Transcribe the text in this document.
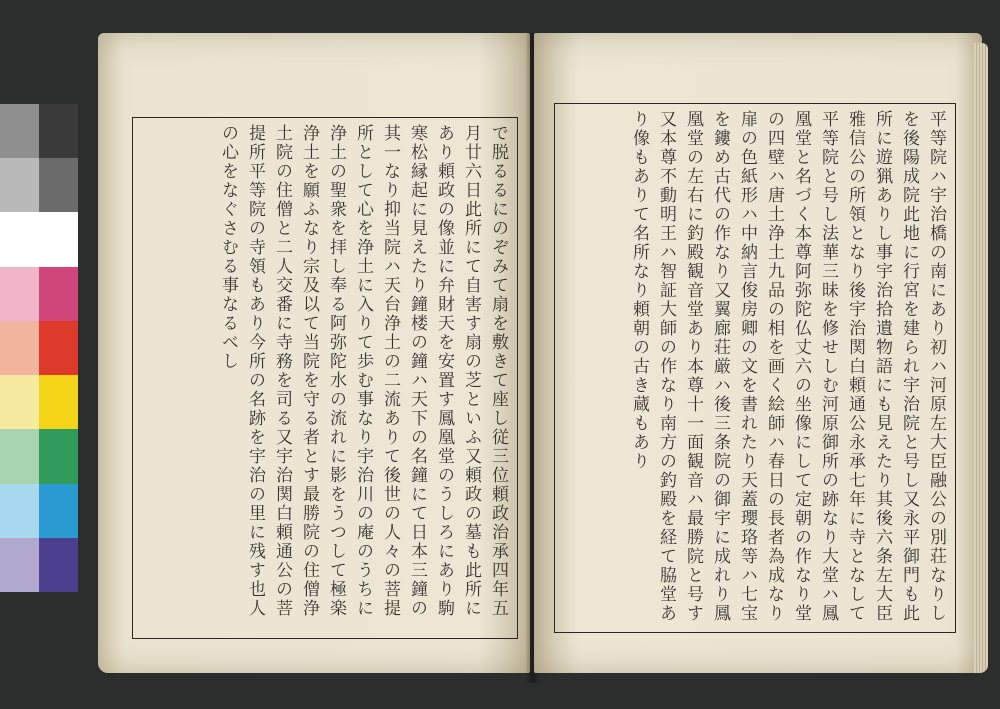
で脱るるにのぞみて扇を敷きて座し従三位頼政治承四年五月廿六日此所にて自害す扇の芝といふ又頼政の墓も此所にあり頼政の像並に弁財天を安置す鳳凰堂のうしろにあり駒寒松縁起に見えたり鐘楼の鐘ハ天下の名鐘にて日本三鐘の其一なり抑当院ハ天台浄土の二流ありて後世の人々の菩提所として心を浄土に入りて歩む事なり宇治川の庵のうちに浄土の聖衆を拝し奉る阿弥陀水の流れに影をうつして極楽浄土を願ふなり宗及以て当院を守る者とす最勝院の住僧浄土院の住僧と二人交番に寺務を司る又宇治関白頼通公の菩提所平等院の寺領もあり今所の名跡を宇治の里に残す也人の心をなぐさむる事なるべし	平等院ハ宇治橋の南にあり初ハ河原左大臣融公の別荘なりしを後陽成院此地に行宮を建られ宇治院と号し又永平御門も此所に遊猟ありし事宇治拾遺物語にも見えたり其後六条左大臣雅信公の所領となり後宇治関白頼通公永承七年に寺となして平等院と号し法華三昧を修せしむ河原御所の跡なり大堂ハ鳳凰堂と名づく本尊阿弥陀仏丈六の坐像にして定朝の作なり堂の四壁ハ唐土浄土九品の相を画く絵師ハ春日の長者為成なり扉の色紙形ハ中納言俊房卿の文を書れたり天蓋瓔珞等ハ七宝を鏤め古代の作なり又翼廊荘厳ハ後三条院の御宇に成れり鳳凰堂の左右に釣殿観音堂あり本尊十一面観音ハ最勝院と号す又本尊不動明王ハ智証大師の作なり南方の釣殿を経て脇堂あり像もありて名所なり頼朝の古き蔵もあり
